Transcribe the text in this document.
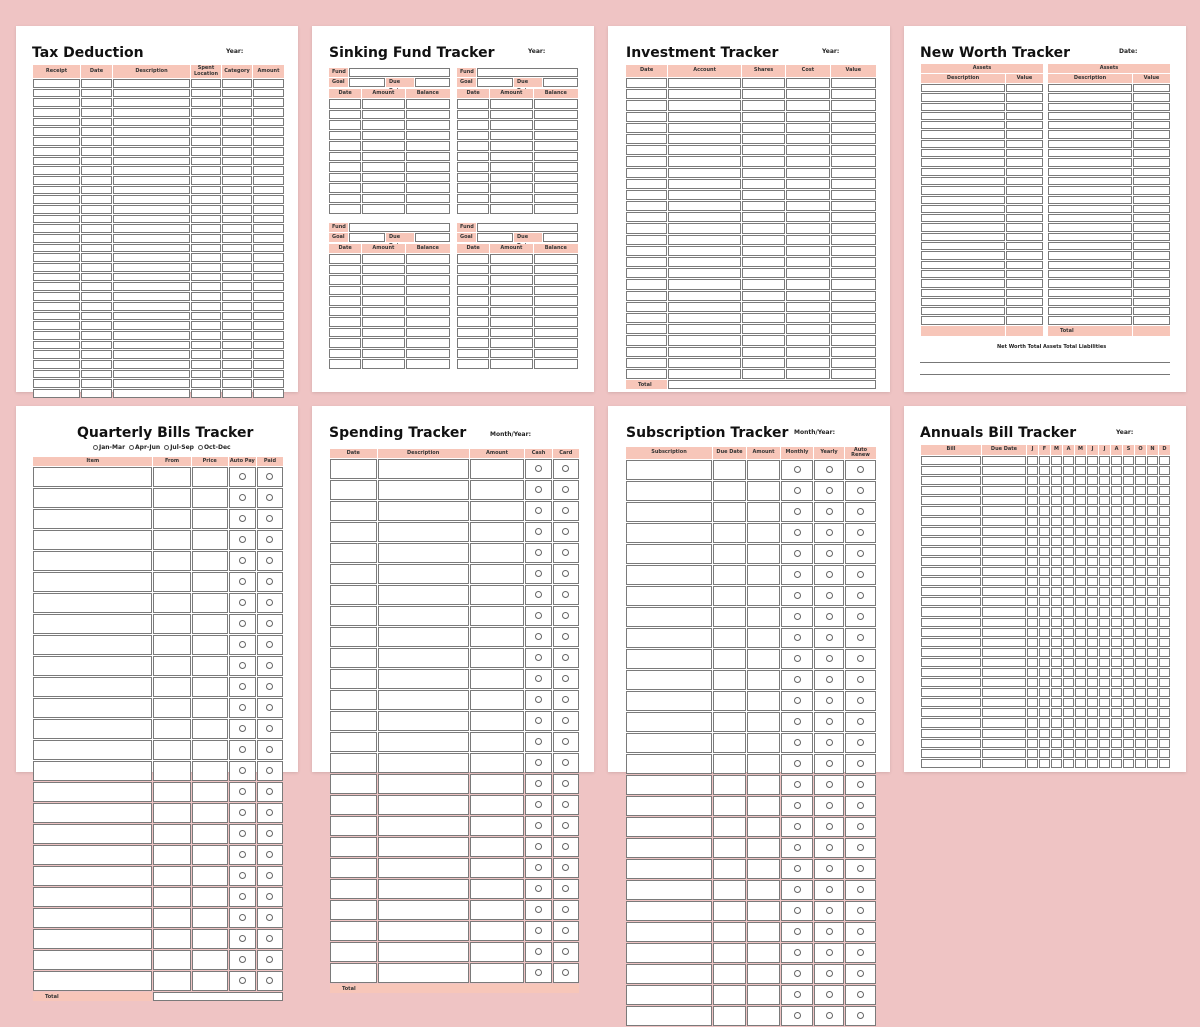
Tax Deduction	Year:
Receipt	Date	Description	Spent Location	Category	Amount

Sinking Fund Tracker	Year:
Fund
Goal	Due
Date	Amount	Balance

Fund
Goal	Due
Date	Amount	Balance

Fund
Goal	Due
Date	Amount	Balance

Fund
Goal	Due
Date	Amount	Balance

Investment Tracker	Year:
Date	Account	Shares	Cost	Value

Total				
New Worth Tracker	Date:
Assets	
Description	Value

Assets	
Description	Value

Total	
Net Worth Total Assets Total Liabilities
Quarterly Bills Tracker
Jan-Mar Apr-Jun Jul-Sep Oct-Dec
Item	From	Price	Auto Pay	Paid

Total				
Spending Tracker	Month/Year:
Date	Description	Amount	Cash	Card

Total				
Subscription Tracker Month/Year:
Subscription	Due Date	Amount	Monthly	Yearly	Auto Renew

Annuals Bill Tracker	Year:
Bill	Due Date	J	F	M	A	M	J	J	A	S	O	N	D
